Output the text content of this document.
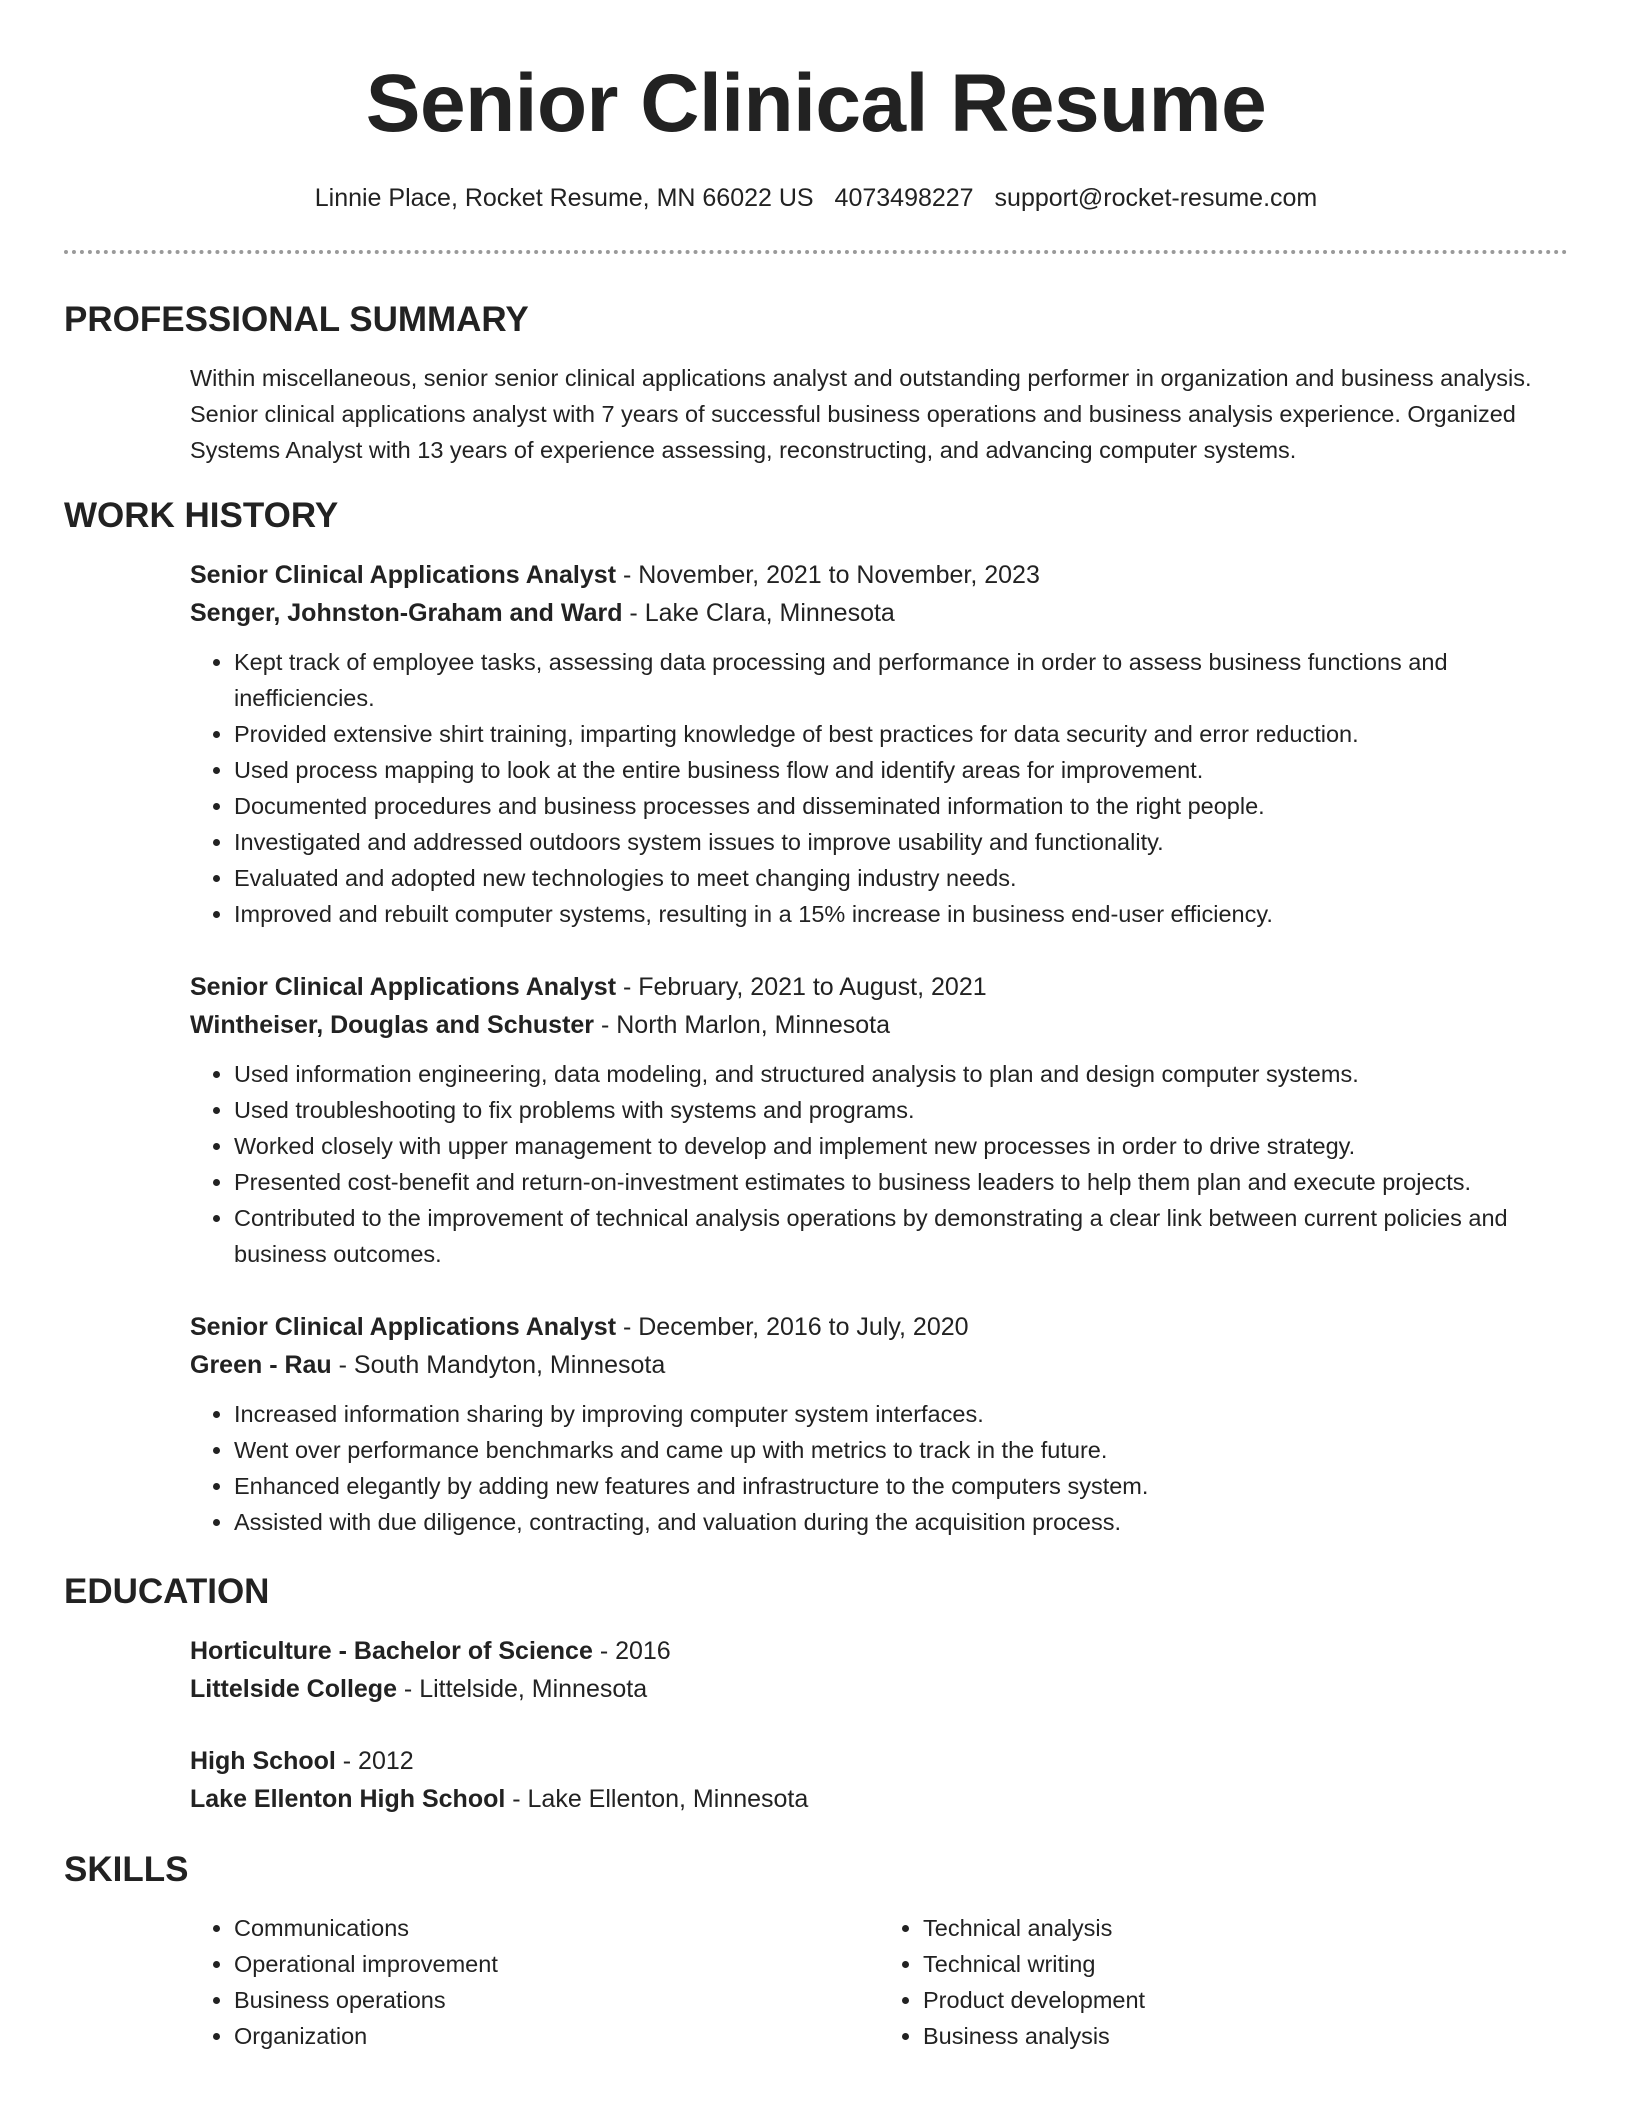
Senior Clinical Resume
Linnie Place, Rocket Resume, MN 66022 US 4073498227 support@rocket-resume.com
PROFESSIONAL SUMMARY

Within miscellaneous, senior senior clinical applications analyst and outstanding performer in organization and business analysis. Senior clinical applications analyst with 7 years of successful business operations and business analysis experience. Organized Systems Analyst with 13 years of experience assessing, reconstructing, and advancing computer systems.

WORK HISTORY

Senior Clinical Applications Analyst - November, 2021 to November, 2023

Senger, Johnston-Graham and Ward - Lake Clara, Minnesota

• Kept track of employee tasks, assessing data processing and performance in order to assess business functions and inefficiencies.
• Provided extensive shirt training, imparting knowledge of best practices for data security and error reduction.
• Used process mapping to look at the entire business flow and identify areas for improvement.
• Documented procedures and business processes and disseminated information to the right people.
• Investigated and addressed outdoors system issues to improve usability and functionality.
• Evaluated and adopted new technologies to meet changing industry needs.
• Improved and rebuilt computer systems, resulting in a 15% increase in business end-user efficiency.

Senior Clinical Applications Analyst - February, 2021 to August, 2021

Wintheiser, Douglas and Schuster - North Marlon, Minnesota

• Used information engineering, data modeling, and structured analysis to plan and design computer systems.
• Used troubleshooting to fix problems with systems and programs.
• Worked closely with upper management to develop and implement new processes in order to drive strategy.
• Presented cost-benefit and return-on-investment estimates to business leaders to help them plan and execute projects.
• Contributed to the improvement of technical analysis operations by demonstrating a clear link between current policies and business outcomes.

Senior Clinical Applications Analyst - December, 2016 to July, 2020

Green - Rau - South Mandyton, Minnesota

• Increased information sharing by improving computer system interfaces.
• Went over performance benchmarks and came up with metrics to track in the future.
• Enhanced elegantly by adding new features and infrastructure to the computers system.
• Assisted with due diligence, contracting, and valuation during the acquisition process.
EDUCATION

Horticulture - Bachelor of Science - 2016

Littelside College - Littelside, Minnesota

High School - 2012

Lake Ellenton High School - Lake Ellenton, Minnesota

SKILLS
• Communications
• Operational improvement
• Business operations
• Organization
• Technical analysis
• Technical writing
• Product development
• Business analysis
